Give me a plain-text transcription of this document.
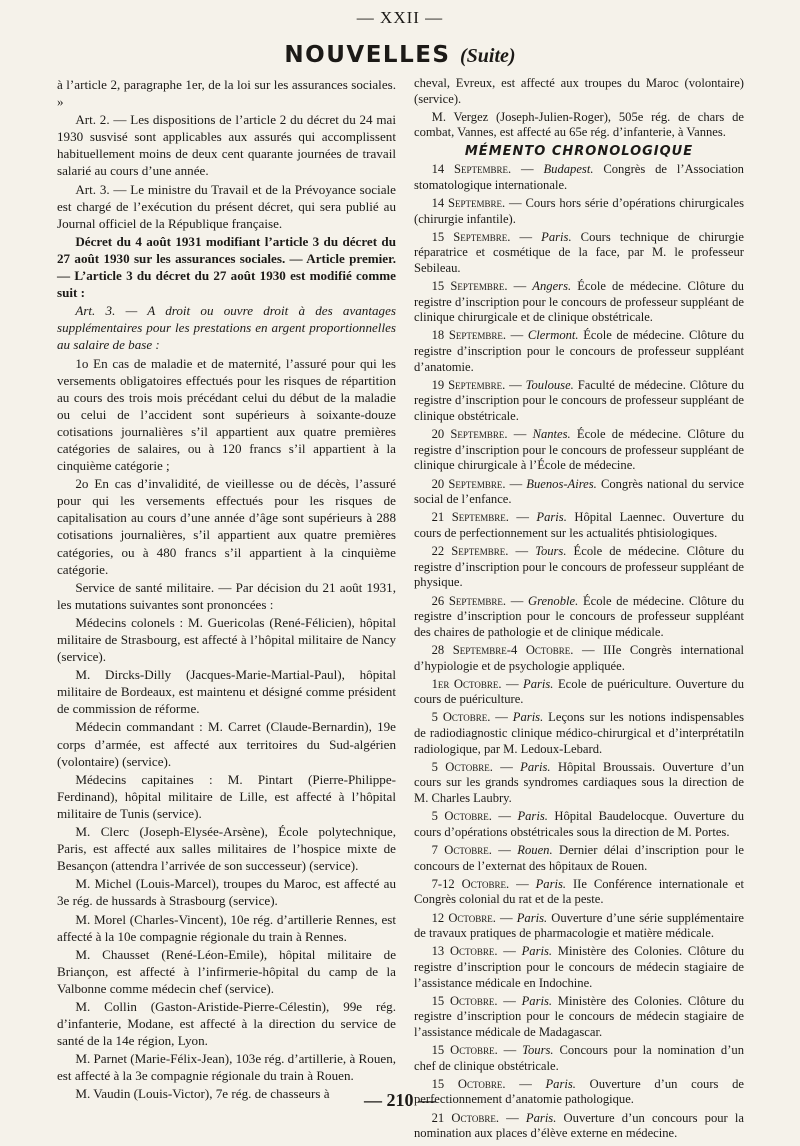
— XXII —
NOUVELLES (Suite)

à l’article 2, paragraphe 1er, de la loi sur les assurances sociales. »

Art. 2. — Les dispositions de l’article 2 du décret du 24 mai 1930 susvisé sont applicables aux assurés qui accomplissent habituellement moins de deux cent quarante journées de travail salarié au cours d’une année.

Art. 3. — Le ministre du Travail et de la Prévoyance sociale est chargé de l’exécution du présent décret, qui sera publié au Journal officiel de la République française.

Décret du 4 août 1931 modifiant l’article 3 du décret du 27 août 1930 sur les assurances sociales. — Article premier. — L’article 3 du décret du 27 août 1930 est modifié comme suit :

Art. 3. — A droit ou ouvre droit à des avantages supplémentaires pour les prestations en argent proportionnelles au salaire de base :

1o En cas de maladie et de maternité, l’assuré pour qui les versements obligatoires effectués pour les risques de répartition au cours des trois mois précédant celui du début de la maladie ou celui de l’accident sont supérieurs à soixante-douze cotisations journalières s’il appartient aux quatre premières catégories de salaires, ou à 120 francs s’il appartient à la cinquième catégorie ;

2o En cas d’invalidité, de vieillesse ou de décès, l’assuré pour qui les versements effectués pour les risques de capitalisation au cours d’une année d’âge sont supérieurs à 288 cotisations journalières, s’il appartient aux quatre premières catégories, ou à 480 francs s’il appartient à la cinquième catégorie.

Service de santé militaire. — Par décision du 21 août 1931, les mutations suivantes sont prononcées :

Médecins colonels : M. Guericolas (René-Félicien), hôpital militaire de Strasbourg, est affecté à l’hôpital militaire de Nancy (service).

M. Dircks-Dilly (Jacques-Marie-Martial-Paul), hôpital militaire de Bordeaux, est maintenu et désigné comme président de commission de réforme.

Médecin commandant : M. Carret (Claude-Bernardin), 19e corps d’armée, est affecté aux territoires du Sud-algérien (volontaire) (service).

Médecins capitaines : M. Pintart (Pierre-Philippe-Ferdinand), hôpital militaire de Lille, est affecté à l’hôpital militaire de Tunis (service).

M. Clerc (Joseph-Elysée-Arsène), École polytechnique, Paris, est affecté aux salles militaires de l’hospice mixte de Besançon (attendra l’arrivée de son successeur) (service).

M. Michel (Louis-Marcel), troupes du Maroc, est affecté au 3e rég. de hussards à Strasbourg (service).

M. Morel (Charles-Vincent), 10e rég. d’artillerie Rennes, est affecté à la 10e compagnie régionale du train à Rennes.

M. Chausset (René-Léon-Emile), hôpital militaire de Briançon, est affecté à l’infirmerie-hôpital du camp de la Valbonne comme médecin chef (service).

M. Collin (Gaston-Aristide-Pierre-Célestin), 99e rég. d’infanterie, Modane, est affecté à la direction du service de santé de la 14e région, Lyon.

M. Parnet (Marie-Félix-Jean), 103e rég. d’artillerie, à Rouen, est affecté à la 3e compagnie régionale du train à Rouen.

M. Vaudin (Louis-Victor), 7e rég. de chasseurs à

cheval, Evreux, est affecté aux troupes du Maroc (volontaire) (service).

M. Vergez (Joseph-Julien-Roger), 505e rég. de chars de combat, Vannes, est affecté au 65e rég. d’infanterie, à Vannes.

MÉMENTO CHRONOLOGIQUE

14 Septembre. — Budapest. Congrès de l’Association stomatologique internationale.

14 Septembre. — Cours hors série d’opérations chirurgicales (chirurgie infantile).

15 Septembre. — Paris. Cours technique de chirurgie réparatrice et cosmétique de la face, par M. le professeur Sebileau.

15 Septembre. — Angers. École de médecine. Clôture du registre d’inscription pour le concours de professeur suppléant de clinique chirurgicale et de clinique obstétricale.

18 Septembre. — Clermont. École de médecine. Clôture du registre d’inscription pour le concours de professeur suppléant d’anatomie.

19 Septembre. — Toulouse. Faculté de médecine. Clôture du registre d’inscription pour le concours de professeur suppléant de clinique obstétricale.

20 Septembre. — Nantes. École de médecine. Clôture du registre d’inscription pour le concours de professeur suppléant de clinique chirurgicale à l’École de médecine.

20 Septembre. — Buenos-Aires. Congrès national du service social de l’enfance.

21 Septembre. — Paris. Hôpital Laennec. Ouverture du cours de perfectionnement sur les actualités phtisiologiques.

22 Septembre. — Tours. École de médecine. Clôture du registre d’inscription pour le concours de professeur suppléant de physique.

26 Septembre. — Grenoble. École de médecine. Clôture du registre d’inscription pour le concours de professeur suppléant des chaires de pathologie et de clinique médicale.

28 Septembre-4 Octobre. — IIIe Congrès international d’hypiologie et de psychologie appliquée.

1er Octobre. — Paris. Ecole de puériculture. Ouverture du cours de puériculture.

5 Octobre. — Paris. Leçons sur les notions indispensables de radiodiagnostic clinique médico-chirurgical et d’interprétatiln radiologique, par M. Ledoux-Lebard.

5 Octobre. — Paris. Hôpital Broussais. Ouverture d’un cours sur les grands syndromes cardiaques sous la direction de M. Charles Laubry.

5 Octobre. — Paris. Hôpital Baudelocque. Ouverture du cours d’opérations obstétricales sous la direction de M. Portes.

7 Octobre. — Rouen. Dernier délai d’inscription pour le concours de l’externat des hôpitaux de Rouen.

7-12 Octobre. — Paris. IIe Conférence internationale et Congrès colonial du rat et de la peste.

12 Octobre. — Paris. Ouverture d’une série supplémentaire de travaux pratiques de pharmacologie et matière médicale.

13 Octobre. — Paris. Ministère des Colonies. Clôture du registre d’inscription pour le concours de médecin stagiaire de l’assistance médicale en Indochine.

15 Octobre. — Paris. Ministère des Colonies. Clôture du registre d’inscription pour le concours de médecin stagiaire de l’assistance médicale de Madagascar.

15 Octobre. — Tours. Concours pour la nomination d’un chef de clinique obstétricale.

15 Octobre. — Paris. Ouverture d’un cours de perfectionnement d’anatomie pathologique.

21 Octobre. — Paris. Ouverture d’un concours pour la nomination aux places d’élève externe en médecine.

— 210 —
